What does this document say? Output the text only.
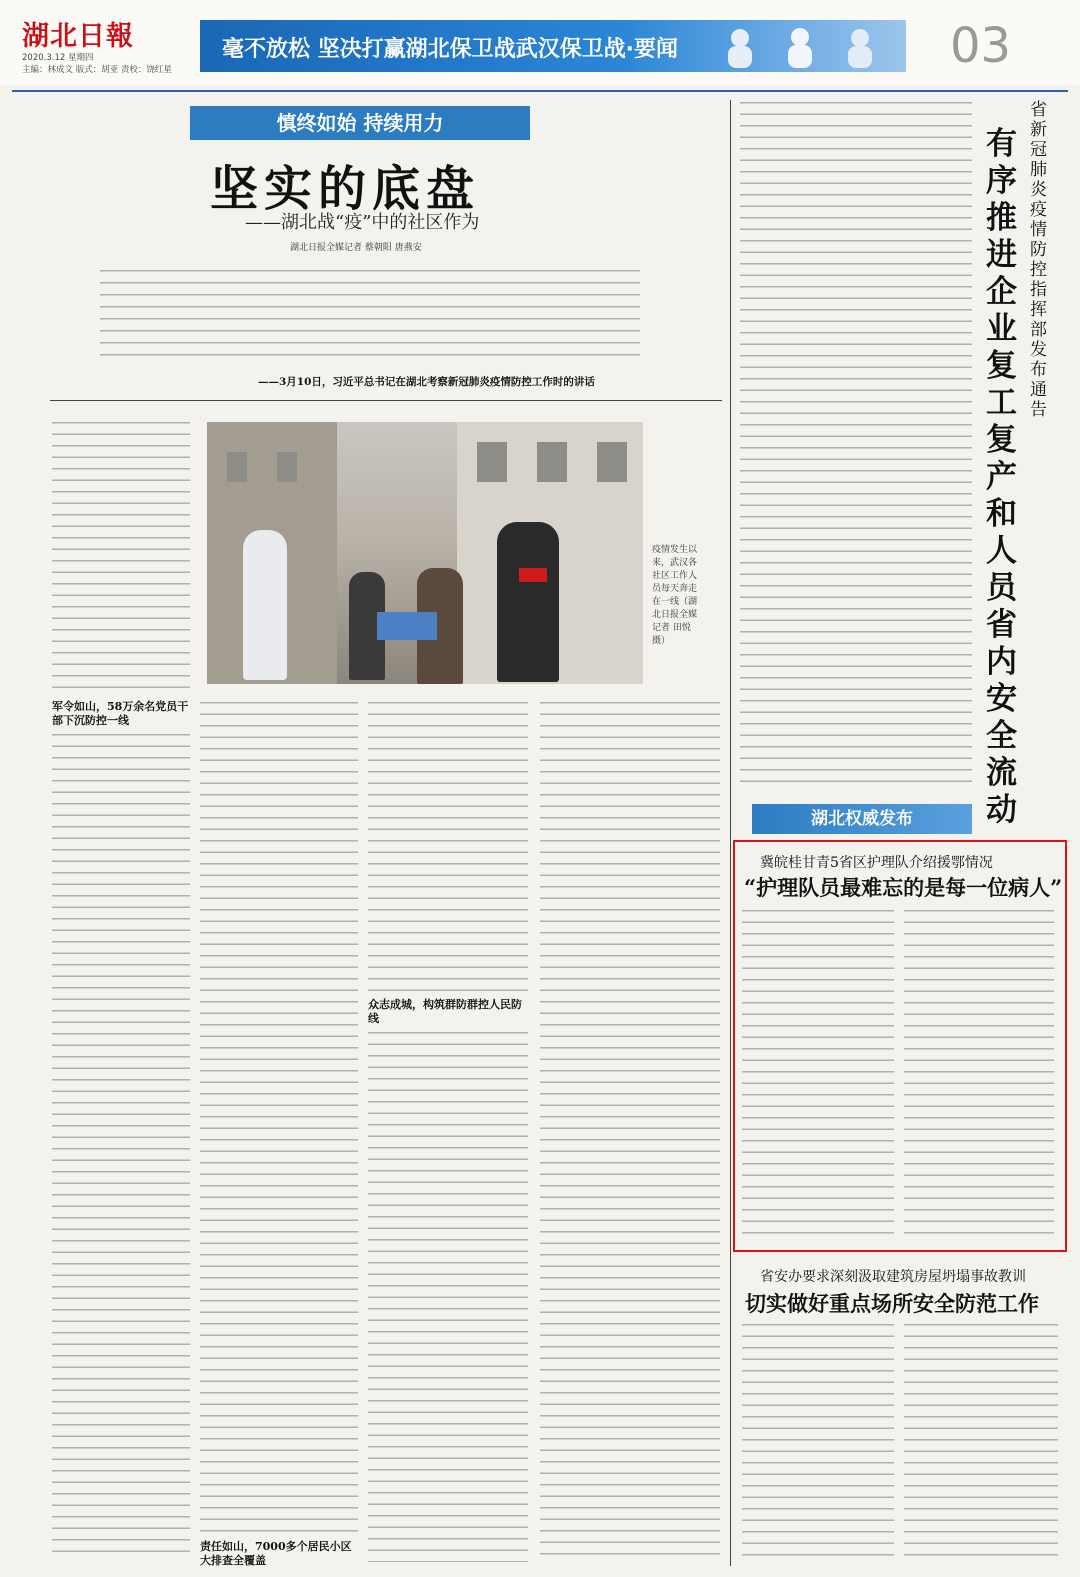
湖北日報
2020.3.12 星期四
主编：林成文 版式：胡亚 责校：饶红星
毫不放松 坚决打赢湖北保卫战武汉保卫战·要闻	03
慎终如始 持续用力
坚实的底盘
——湖北战“疫”中的社区作为
湖北日报全媒记者 蔡朝阳 唐燕安
——3月10日，习近平总书记在湖北考察新冠肺炎疫情防控工作时的讲话
军令如山，58万余名党员干部下沉防控一线
疫情发生以来，武汉各社区工作人员每天奔走在一线（湖北日报全媒记者 田悦 摄）
责任如山，7000多个居民小区大排查全覆盖
众志成城，构筑群防群控人民防线
省新冠肺炎疫情防控指挥部发布通告
有序推进企业复工复产和人员省内安全流动
湖北权威发布
冀皖桂甘青5省区护理队介绍援鄂情况
“护理队员最难忘的是每一位病人”
省安办要求深刻汲取建筑房屋坍塌事故教训
切实做好重点场所安全防范工作
